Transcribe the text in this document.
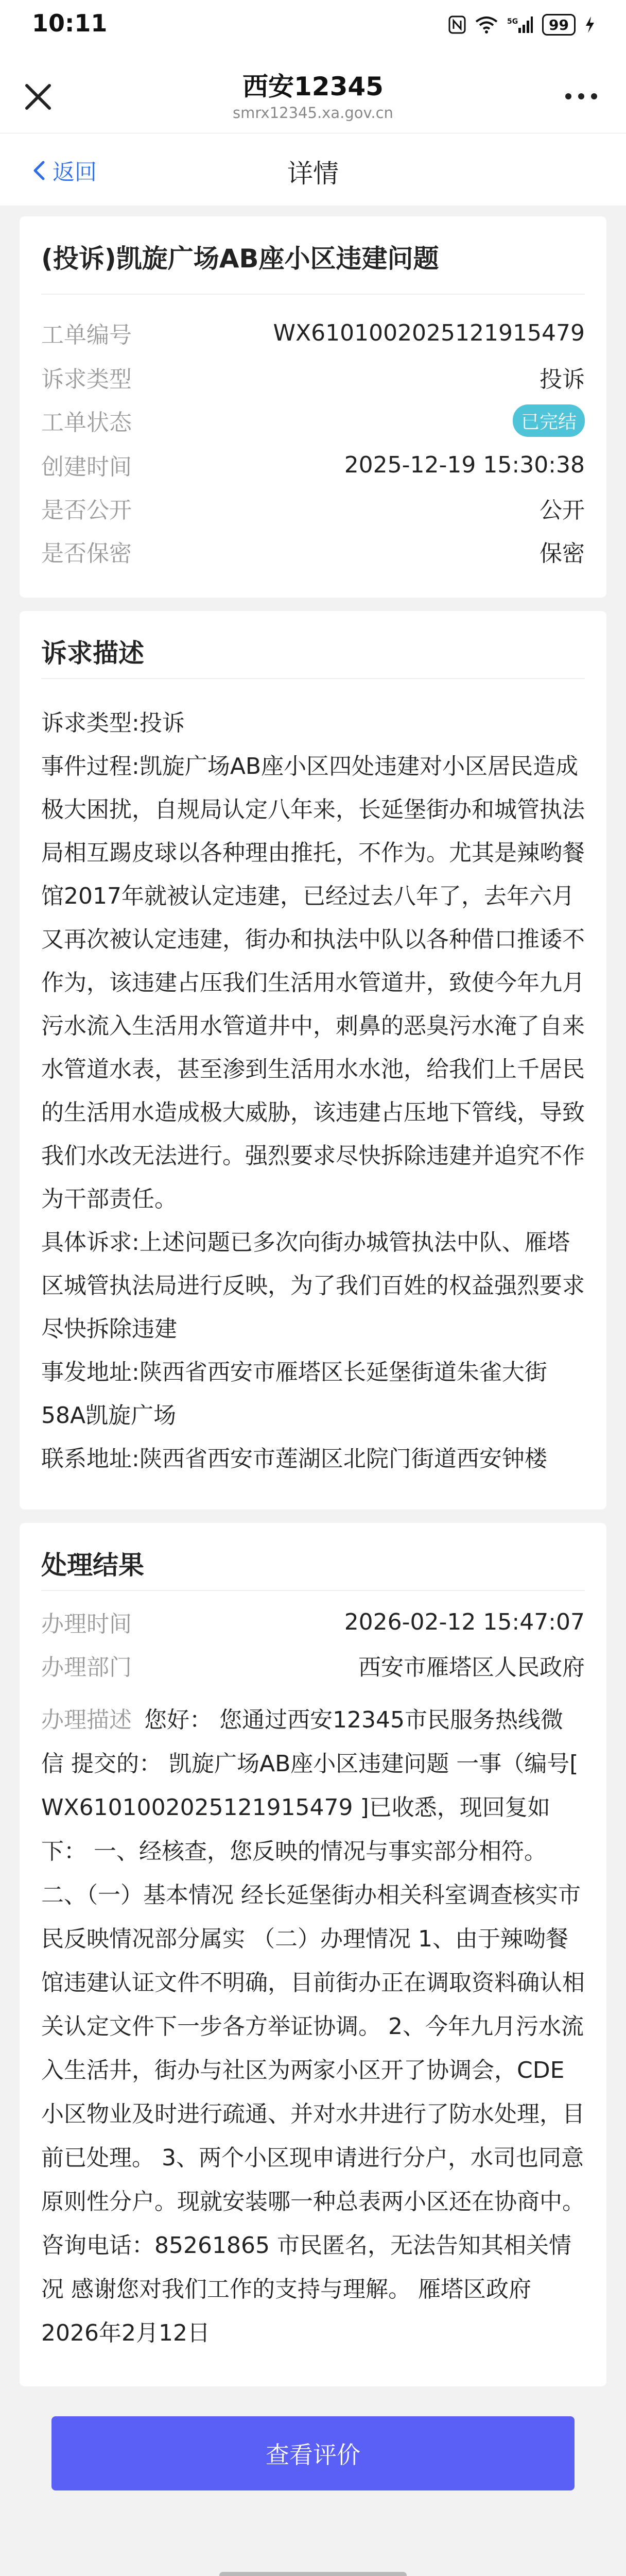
10:11	5G 99
西安12345
smrx12345.xa.gov.cn
返回	详情
(投诉)凯旋广场AB座小区违建问题
工单编号	WX6101002025121915479
诉求类型	投诉
工单状态	已完结
创建时间	2025-12-19 15:30:38
是否公开	公开
是否保密	保密
诉求描述

诉求类型:投诉

事件过程:凯旋广场AB座小区四处违建对小区居民造成极大困扰，自规局认定八年来，长延堡街办和城管执法局相互踢皮球以各种理由推托，不作为。尤其是辣哟餐馆2017年就被认定违建，已经过去八年了，去年六月又再次被认定违建，街办和执法中队以各种借口推诿不作为，该违建占压我们生活用水管道井，致使今年九月污水流入生活用水管道井中，刺鼻的恶臭污水淹了自来水管道水表，甚至渗到生活用水水池，给我们上千居民的生活用水造成极大威胁，该违建占压地下管线，导致我们水改无法进行。强烈要求尽快拆除违建并追究不作为干部责任。

具体诉求:上述问题已多次向街办城管执法中队、雁塔区城管执法局进行反映，为了我们百姓的权益强烈要求尽快拆除违建

事发地址:陕西省西安市雁塔区长延堡街道朱雀大街58A凯旋广场

联系地址:陕西省西安市莲湖区北院门街道西安钟楼

处理结果
办理时间	2026-02-12 15:47:07
办理部门	西安市雁塔区人民政府
办理描述 您好： 您通过西安12345市民服务热线微信 提交的： 凯旋广场AB座小区违建问题 一事（编号[ WX6101002025121915479 ]已收悉，现回复如下： 一、经核查，您反映的情况与事实部分相符。 二、（一）基本情况 经长延堡街办相关科室调查核实市民反映情况部分属实 （二）办理情况 1、由于辣呦餐馆违建认证文件不明确，目前街办正在调取资料确认相关认定文件下一步各方举证协调。 2、今年九月污水流入生活井，街办与社区为两家小区开了协调会，CDE小区物业及时进行疏通、并对水井进行了防水处理，目前已处理。 3、两个小区现申请进行分户，水司也同意原则性分户。现就安装哪一种总表两小区还在协商中。咨询电话：85261865 市民匿名，无法告知其相关情况 感谢您对我们工作的支持与理解。 雁塔区政府 2026年2月12日
查看评价
